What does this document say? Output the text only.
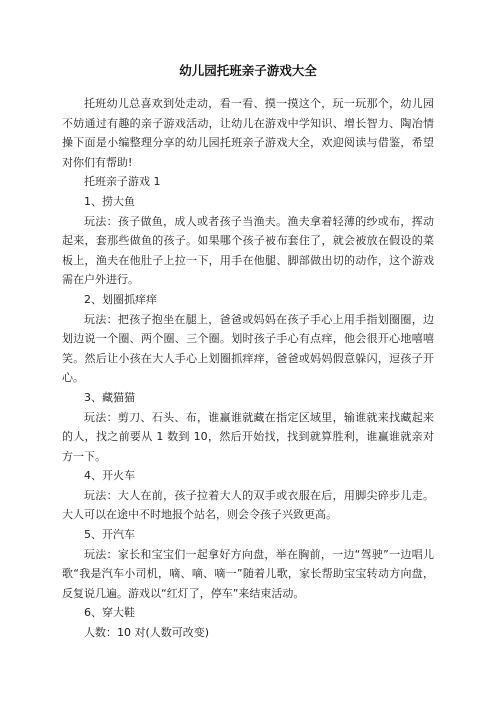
幼儿园托班亲子游戏大全

托班幼儿总喜欢到处走动，看一看、摸一摸这个，玩一玩那个，幼儿园不妨通过有趣的亲子游戏活动，让幼儿在游戏中学知识、增长智力、陶冶情操下面是小编整理分享的幼儿园托班亲子游戏大全，欢迎阅读与借鉴，希望对你们有帮助!

托班亲子游戏 1

1、捞大鱼

玩法：孩子做鱼，成人或者孩子当渔夫。渔夫拿着轻薄的纱或布，挥动起来，套那些做鱼的孩子。如果哪个孩子被布套住了，就会被放在假设的菜板上，渔夫在他肚子上拉一下，用手在他腿、脚部做出切的动作，这个游戏需在户外进行。

2、划圈抓痒痒

玩法：把孩子抱坐在腿上，爸爸或妈妈在孩子手心上用手指划圈圈，边划边说一个圈、两个圈、三个圈。划时孩子手心有点痒，他会很开心地嘻嘻笑。然后让小孩在大人手心上划圈抓痒痒，爸爸或妈妈假意躲闪，逗孩子开心。

3、藏猫猫

玩法：剪刀、石头、布，谁赢谁就藏在指定区域里，输谁就来找藏起来的人，找之前要从 1 数到 10，然后开始找，找到就算胜利，谁赢谁就亲对方一下。

4、开火车

玩法：大人在前，孩子拉着大人的双手或衣服在后，用脚尖碎步儿走。大人可以在途中不时地报个站名，则会令孩子兴致更高。

5、开汽车

玩法：家长和宝宝们一起拿好方向盘，举在胸前，一边“驾驶”一边唱儿歌“我是汽车小司机，嘀、嘀、嘀一”随着儿歌，家长帮助宝宝转动方向盘，反复说几遍。游戏以“红灯了，停车”来结束活动。

6、穿大鞋

人数：10 对(人数可改变)
